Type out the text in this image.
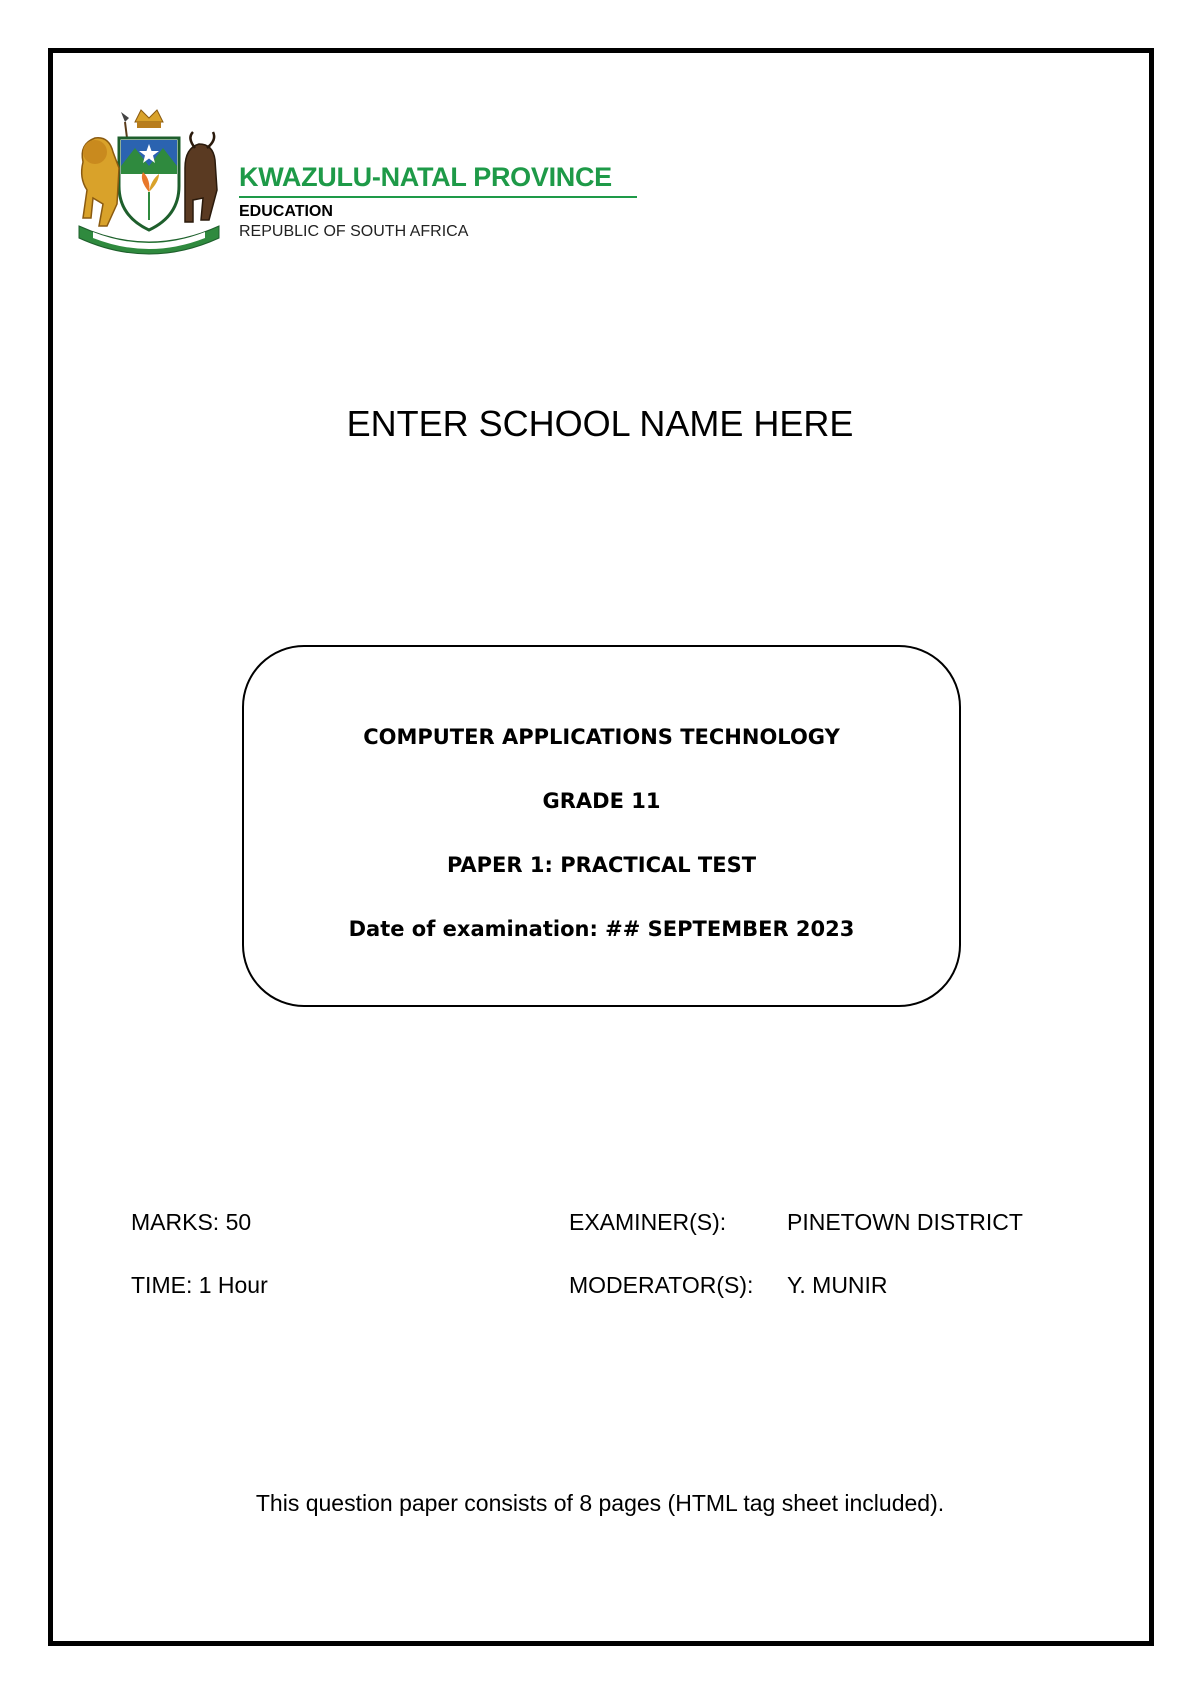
KWAZULU-NATAL PROVINCE
EDUCATION
REPUBLIC OF SOUTH AFRICA
ENTER SCHOOL NAME HERE
COMPUTER APPLICATIONS TECHNOLOGY
GRADE 11
PAPER 1: PRACTICAL TEST
Date of examination: ## SEPTEMBER 2023
MARKS: 50
TIME: 1 Hour
EXAMINER(S):	PINETOWN DISTRICT
MODERATOR(S): Y. MUNIR
This question paper consists of 8 pages (HTML tag sheet included).
